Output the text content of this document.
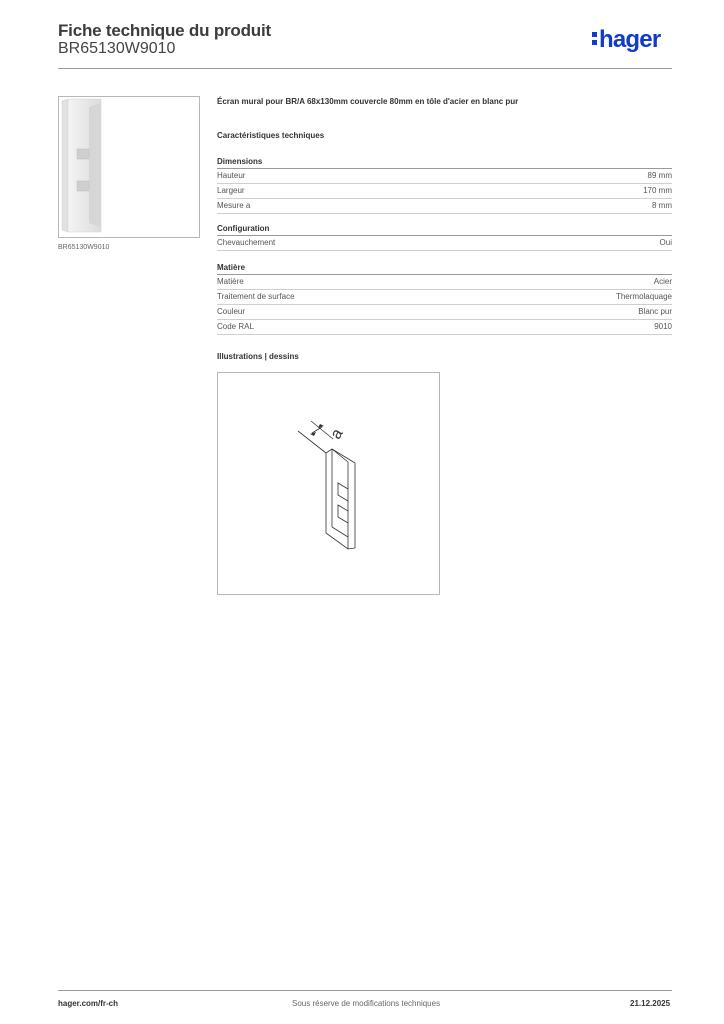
Fiche technique du produit
BR65130W9010	hager
BR65130W9010
Écran mural pour BR/A 68x130mm couvercle 80mm en tôle d'acier en blanc pur
Caractéristiques techniques
Dimensions
Hauteur	89 mm
Largeur	170 mm
Mesure a	8 mm
Configuration
Chevauchement	Oui
Matière
Matière	Acier
Traitement de surface	Thermolaquage
Couleur	Blanc pur
Code RAL	9010
Illustrations | dessins
a
hager.com/fr-ch	Sous réserve de modifications techniques	21.12.2025
